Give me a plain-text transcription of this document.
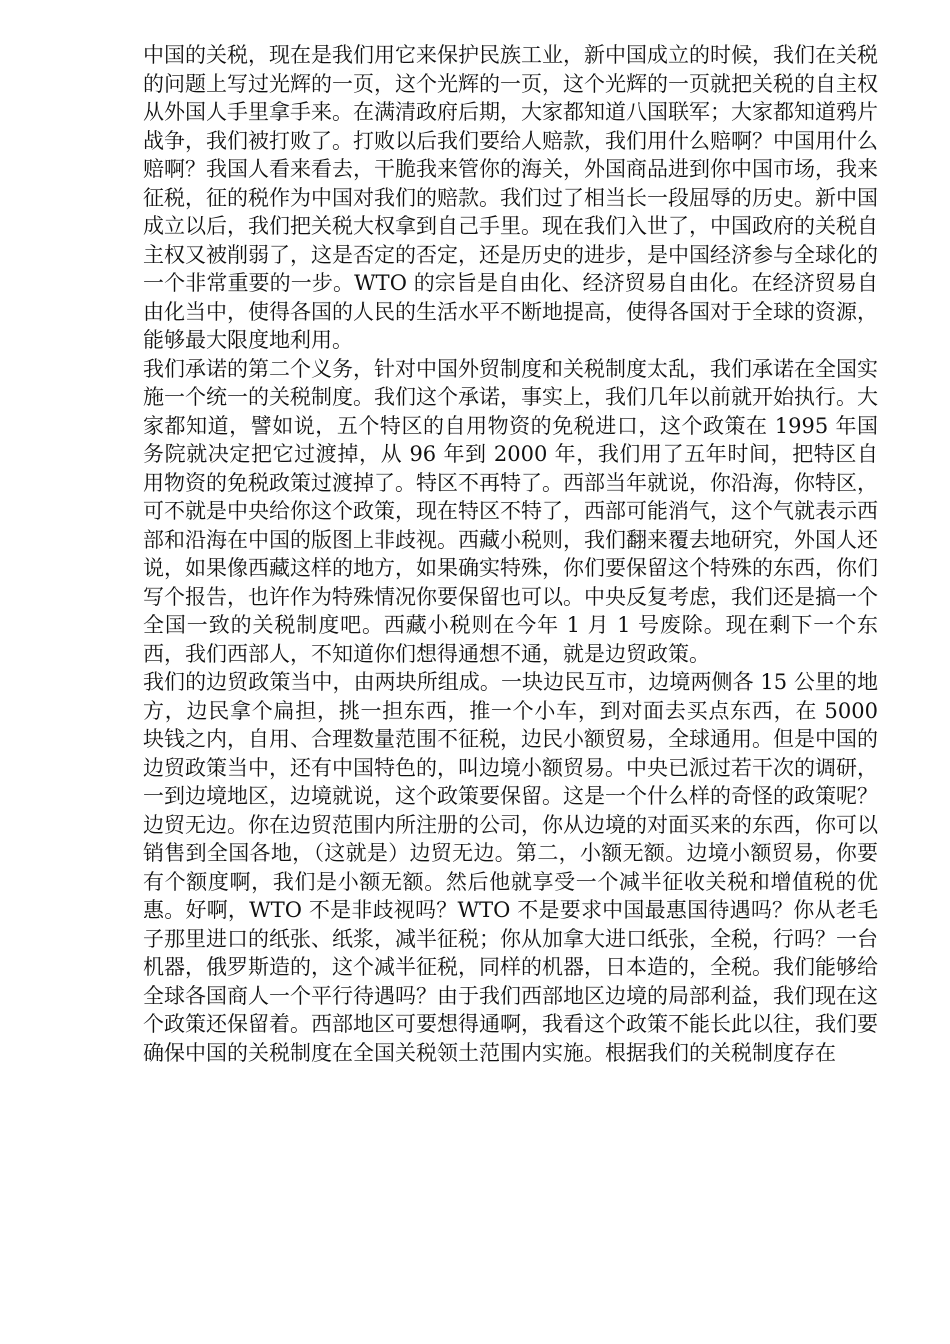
中国的关税，现在是我们用它来保护民族工业，新中国成立的时候，我们在关税的问题上写过光辉的一页，这个光辉的一页，这个光辉的一页就把关税的自主权从外国人手里拿手来。在满清政府后期，大家都知道八国联军；大家都知道鸦片战争，我们被打败了。打败以后我们要给人赔款，我们用什么赔啊？中国用什么赔啊？我国人看来看去，干脆我来管你的海关，外国商品进到你中国市场，我来征税，征的税作为中国对我们的赔款。我们过了相当长一段屈辱的历史。新中国成立以后，我们把关税大权拿到自己手里。现在我们入世了，中国政府的关税自主权又被削弱了，这是否定的否定，还是历史的进步，是中国经济参与全球化的一个非常重要的一步。WTO 的宗旨是自由化、经济贸易自由化。在经济贸易自由化当中，使得各国的人民的生活水平不断地提高，使得各国对于全球的资源，能够最大限度地利用。

我们承诺的第二个义务，针对中国外贸制度和关税制度太乱，我们承诺在全国实施一个统一的关税制度。我们这个承诺，事实上，我们几年以前就开始执行。大家都知道，譬如说，五个特区的自用物资的免税进口，这个政策在 1995 年国务院就决定把它过渡掉，从 96 年到 2000 年，我们用了五年时间，把特区自用物资的免税政策过渡掉了。特区不再特了。西部当年就说，你沿海，你特区，可不就是中央给你这个政策，现在特区不特了，西部可能消气，这个气就表示西部和沿海在中国的版图上非歧视。西藏小税则，我们翻来覆去地研究，外国人还说，如果像西藏这样的地方，如果确实特殊，你们要保留这个特殊的东西，你们写个报告，也许作为特殊情况你要保留也可以。中央反复考虑，我们还是搞一个全国一致的关税制度吧。西藏小税则在今年 1 月 1 号废除。现在剩下一个东西，我们西部人，不知道你们想得通想不通，就是边贸政策。

我们的边贸政策当中，由两块所组成。一块边民互市，边境两侧各 15 公里的地方，边民拿个扁担，挑一担东西，推一个小车，到对面去买点东西，在 5000 块钱之内，自用、合理数量范围不征税，边民小额贸易，全球通用。但是中国的边贸政策当中，还有中国特色的，叫边境小额贸易。中央已派过若干次的调研，一到边境地区，边境就说，这个政策要保留。这是一个什么样的奇怪的政策呢？边贸无边。你在边贸范围内所注册的公司，你从边境的对面买来的东西，你可以销售到全国各地，（这就是）边贸无边。第二，小额无额。边境小额贸易，你要有个额度啊，我们是小额无额。然后他就享受一个减半征收关税和增值税的优惠。好啊，WTO 不是非歧视吗？WTO 不是要求中国最惠国待遇吗？你从老毛子那里进口的纸张、纸浆，减半征税；你从加拿大进口纸张，全税，行吗？一台机器，俄罗斯造的，这个减半征税，同样的机器，日本造的，全税。我们能够给全球各国商人一个平行待遇吗？由于我们西部地区边境的局部利益，我们现在这个政策还保留着。西部地区可要想得通啊，我看这个政策不能长此以往，我们要确保中国的关税制度在全国关税领土范围内实施。根据我们的关税制度存在
